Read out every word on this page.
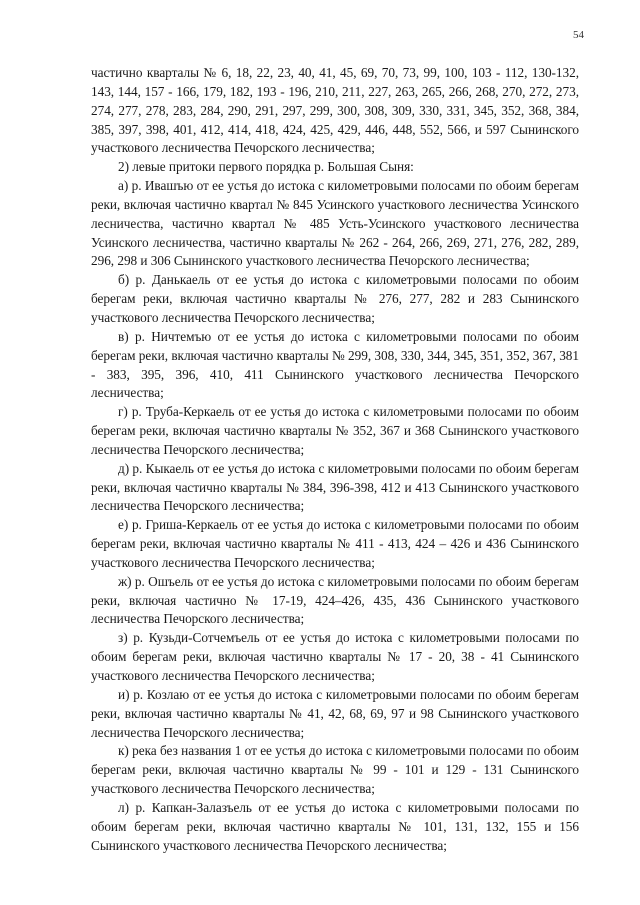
54

частично кварталы № 6, 18, 22, 23, 40, 41, 45, 69, 70, 73, 99, 100, 103 - 112, 130-132, 143, 144, 157 - 166, 179, 182, 193 - 196, 210, 211, 227, 263, 265, 266, 268, 270, 272, 273, 274, 277, 278, 283, 284, 290, 291, 297, 299, 300, 308, 309, 330, 331, 345, 352, 368, 384, 385, 397, 398, 401, 412, 414, 418, 424, 425, 429, 446, 448, 552, 566, и 597 Сынинского участкового лесничества Печорского лесничества;

2) левые притоки первого порядка р. Большая Сыня:

а) р. Ивашъю от ее устья до истока с километровыми полосами по обоим берегам реки, включая частично квартал № 845 Усинского участкового лесничества Усинского лесничества, частично квартал № 485 Усть-Усинского участкового лесничества Усинского лесничества, частично кварталы № 262 - 264, 266, 269, 271, 276, 282, 289, 296, 298 и 306 Сынинского участкового лесничества Печорского лесничества;

б) р. Данькаель от ее устья до истока с километровыми полосами по обоим берегам реки, включая частично кварталы № 276, 277, 282 и 283 Сынинского участкового лесничества Печорского лесничества;

в) р. Ничтемъю от ее устья до истока с километровыми полосами по обоим берегам реки, включая частично кварталы № 299, 308, 330, 344, 345, 351, 352, 367, 381 - 383, 395, 396, 410, 411 Сынинского участкового лесничества Печорского лесничества;

г) р. Труба-Керкаель от ее устья до истока с километровыми полосами по обоим берегам реки, включая частично кварталы № 352, 367 и 368 Сынинского участкового лесничества Печорского лесничества;

д) р. Кыкаель от ее устья до истока с километровыми полосами по обоим берегам реки, включая частично кварталы № 384, 396-398, 412 и 413 Сынинского участкового лесничества Печорского лесничества;

е) р. Гриша-Керкаель от ее устья до истока с километровыми полосами по обоим берегам реки, включая частично кварталы № 411 - 413, 424 – 426 и 436 Сынинского участкового лесничества Печорского лесничества;

ж) р. Ошъель от ее устья до истока с километровыми полосами по обоим берегам реки, включая частично № 17-19, 424–426, 435, 436 Сынинского участкового лесничества Печорского лесничества;

з) р. Кузьди-Сотчемъель от ее устья до истока с километровыми полосами по обоим берегам реки, включая частично кварталы № 17 - 20, 38 - 41 Сынинского участкового лесничества Печорского лесничества;

и) р. Козлаю от ее устья до истока с километровыми полосами по обоим берегам реки, включая частично кварталы № 41, 42, 68, 69, 97 и 98 Сынинского участкового лесничества Печорского лесничества;

к) река без названия 1 от ее устья до истока с километровыми полосами по обоим берегам реки, включая частично кварталы № 99 - 101 и 129 - 131 Сынинского участкового лесничества Печорского лесничества;

л) р. Капкан-Залазъель от ее устья до истока с километровыми полосами по обоим берегам реки, включая частично кварталы № 101, 131, 132, 155 и 156 Сынинского участкового лесничества Печорского лесничества;
